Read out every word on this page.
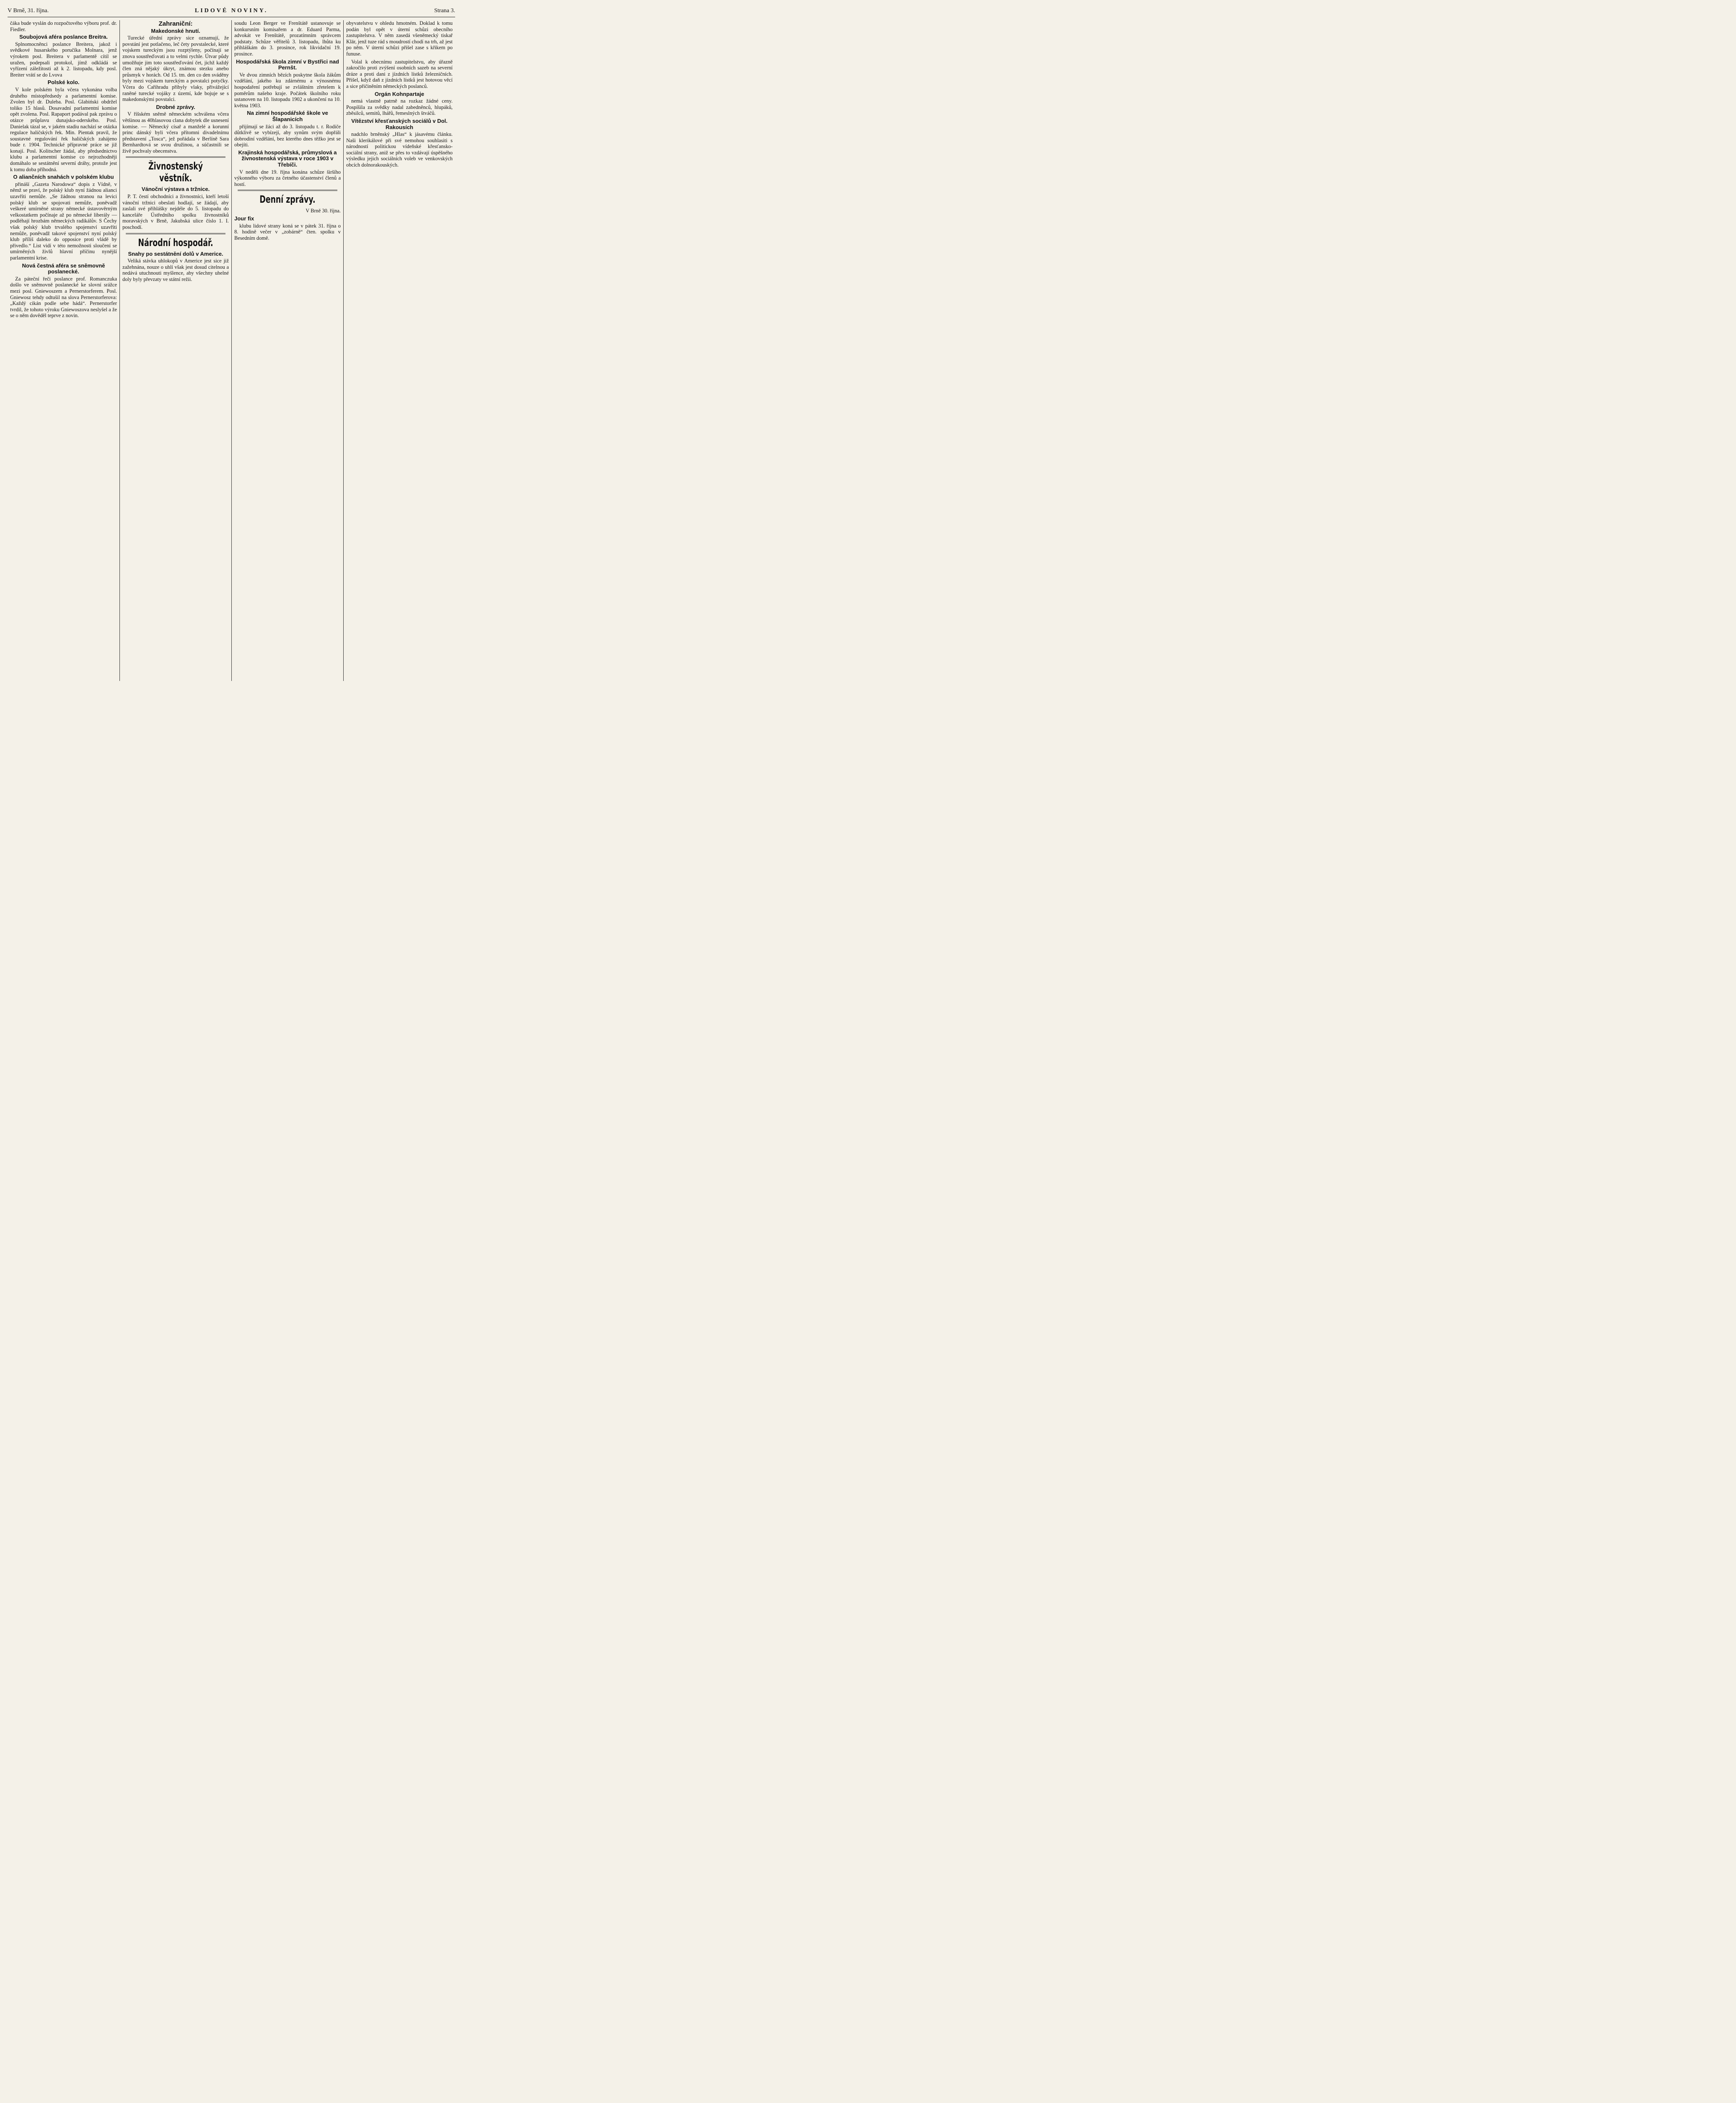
V Brně, 31. října.	LIDOVÉ NOVINY.	Strana 3.

čáka bude vyslán do rozpočtového výboru prof. dr. Fiedler.

Soubojová aféra poslance Breitra.

Splnomocněnci poslance Breitera, jakož i svědkové husarského poručíka Molnara, jenž výrokem posl. Breitera v parlamentě cítil se uražen, podepsali protokol, jímž odkládá se vyřízení záležitosti až k 2. listopadu, kdy posl. Breiter vrátí se do Lvova

Polské kolo.

V kole polském byla včera vykonána volba druhého místopředsedy a parlamentní komise. Zvolen byl dr. Duleba. Posl. Glabiński obdržel toliko 15 hlasů. Dosavadní parlamentní komise opět zvolena. Posl. Rapaport podával pak zprávu o otázce průplavu dunajsko-oderského. Posl. Danielak tázal se, v jakém stadiu nachází se otázka regulace haličských řek. Min. Pientak pravil, že soustavné regulování řek haličských zahájeno bude r. 1904. Technické přípravné práce se již konají. Posl. Kolitscher žádal, aby předsednictvo klubu a parlamentní komise co nejrozhodněji domáhalo se sestátnění severní dráhy, protože jest k tomu doba příhodná.

O aliančních snahách v polském klubu

přináší „Gazeta Narodowa“ dopis z Vídně, v němž se praví, že polský klub nyní žádnou alianci uzavříti nemůže. „Se žádnou stranou na levici polský klub se spojovati nemůže, poněvadž veškeré umírněné strany německé ústavověrným velkostatkem počínaje až po německé liberály — podléhají hrozbám německých radikálův. S Čechy však polský klub trvalého spojenství uzavříti nemůže, poněvadž takové spojenství nyní polský klub příliš daleko do opposice proti vládě by přivedlo.“ List vidí v této nemožnosti sloučení se umírněných živlů hlavní příčinu nynější parlamentní krise.

Nová čestná aféra se sněmovně poslanecké.

Za páteční řeči poslance prof. Romanczuka došlo ve sněmovně poslanecké ke slovní srážce mezi posl. Gniewoszem a Pernerstorferem. Posl. Gniewosz tehdy odtušil na slova Pernerstorferova: „Každý cikán podle sebe hádá“. Pernerstorfer tvrdil, že tohoto výroku Gniewoszova neslyšel a že se o něm dověděl teprve z novin.

Zahraniční:
Makedonské hnutí.

Turecké úřední zprávy sice oznamují, že povstání jest potlačeno, leč čety povstalecké, které vojskem tureckým jsou rozptýleny, počínají se znova soustřeďovati a to velmi rychle. Útvar půdy umožňuje jim toto soustřeďování čet, jichž každý člen zná nějaký úkryt, známou stezku anebo průsmyk v horách. Od 15. tm. den co den sváděny byly mezi vojskem tureckým a povstalci potyčky. Včera do Cařihradu přibyly vlaky, přivážející raněné turecké vojáky z území, kde bojuje se s makedonskými povstalci.

Drobné zprávy.

V říšském sněmě německém schválena včera většinou as 40hlasovou clana dobytek dle usnesení komise. — Německý císař a manželé a korunní princ dánský byli včera přítomni divadelnímu představení „Tosca“, jež pořádala v Berlíně Sara Bernhardtová se svou družinou, a súčastnili se živě pochvaly obecenstva.

Živnostenský věstník.
Vánoční výstava a tržnice.

P. T. čestí obchodníci a živnostníci, kteří letoší vánoční tržnici obeslati hodlají, se žádají, aby zaslali své přihlášky nejdéle do 5. listopadu do kanceláře Ústředního spolku živnostníků moravských v Brně, Jakubská ulice číslo 1. I. poschodí.

Národní hospodář.
Snahy po sestátnění dolů v Americe.

Veliká stávka uhlokopů v Americe jest sice již zažehnána, nouze o uhlí však jest dosud citelnou a nedává utuchnouti myšlence, aby všechny uhelné doly byly převzaty ve státní režii.

soudu Leon Berger ve Frenštátě ustanovuje se konkursním komisařem a dr. Eduard Parma, advokát ve Frenštátě, prozatímním správcem podstaty. Schůze věřitelů 3. listopadu, lhůta ku přihláškám do 3. prosince, rok likvidační 19. prosince.

Hospodářská škola zimní v Bystřici nad Pernšt.

Ve dvou zimních bězích poskytne škola žákům vzdělání, jakého ku zdárnému a výnosnému hospodaření potřebují se zvláštním zřetelem k poměrům našeho kraje. Počátek školního roku ustanoven na 10. listopadu 1902 a ukončení na 10. května 1903.

Na zimní hospodářské škole ve Šlapanicích

přijímají se žáci až do 3. listopadu t. r. Rodiče důtklivě se vybízejí, aby synům svým dopřáli dobrodiní vzdělání, bez kterého dnes těžko jest se obejíti.

Krajinská hospodářská, průmyslová a živnostenská výstava v roce 1903 v Třebíči.

V neděli dne 19. října konána schůze širšího výkonného výboru za četného účastenství členů a hostí.

Denní zprávy.

V Brně 30. října.

Jour fix

klubu lidové strany koná se v pátek 31. října o 8. hodině večer v „zobárně“ čten. spolku v Besedním domě.

obyvatelstvu v ohledu hmotném. Doklad k tomu podán byl opět v úterní schůzi obecního zastupitelstva. V něm zasedá všeněmecký tiskař Klär, jenž tuze rád s moudrostí chodí na trh, až jest po něm. V úterní schůzi přišel zase s křikem po funuse.

Volal k obecnímu zastupitelstvu, aby úřazně zakročilo proti zvýšení osobních sazeb na severní dráze a proti dani z jízdních lístků železničních. Přišel, když daň z jízdních lístků jest hotovou věcí a sice přičiněním německých poslanců.

Orgán Kohnpartaje

nemá vlastně patrně na rozkaz žádné ceny. Pospíšila za svědky nadal zabedněnců, hlupáků, zběsilců, semitů, lhářů, řemeslných štváčů.

Vítězství křesťanských sociálů v Dol. Rakousích

nadchlo brněnský „Hlas“ k jásavému článku. Naši klerikálové při své nemohou souhlasiti s národností politickou vídeňské křesťansko-sociální strany, aniž se přes to vzdávají úspěšného výsledku jejich sociálních voleb ve venkovských obcích dolnorakouských.
